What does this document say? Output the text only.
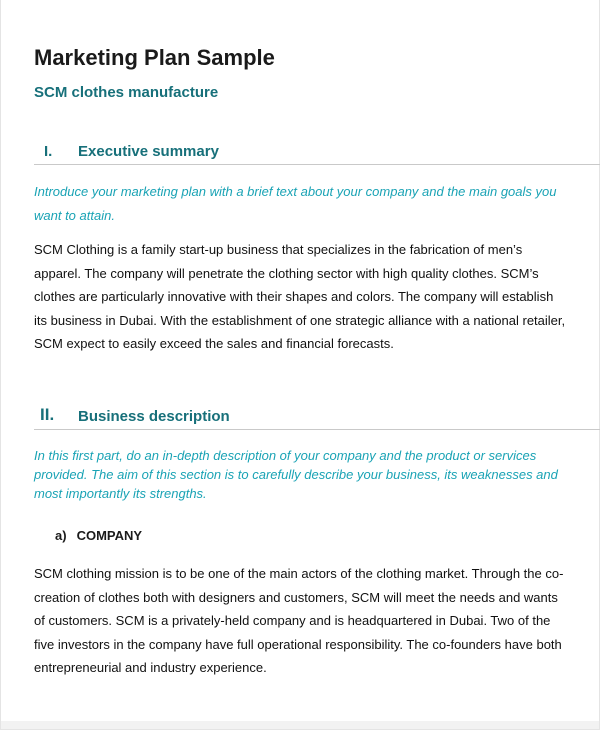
Marketing Plan Sample
SCM clothes manufacture
I. Executive summary

Introduce your marketing plan with a brief text about your company and the main goals you
want to attain.

SCM Clothing is a family start-up business that specializes in the fabrication of men’s
apparel. The company will penetrate the clothing sector with high quality clothes. SCM’s
clothes are particularly innovative with their shapes and colors. The company will establish
its business in Dubai. With the establishment of one strategic alliance with a national retailer,
SCM expect to easily exceed the sales and financial forecasts.

II. Business description

In this first part, do an in-depth description of your company and the product or services
provided. The aim of this section is to carefully describe your business, its weaknesses and
most importantly its strengths.

a) COMPANY

SCM clothing mission is to be one of the main actors of the clothing market. Through the co-
creation of clothes both with designers and customers, SCM will meet the needs and wants
of customers. SCM is a privately-held company and is headquartered in Dubai. Two of the
five investors in the company have full operational responsibility. The co-founders have both
entrepreneurial and industry experience.
